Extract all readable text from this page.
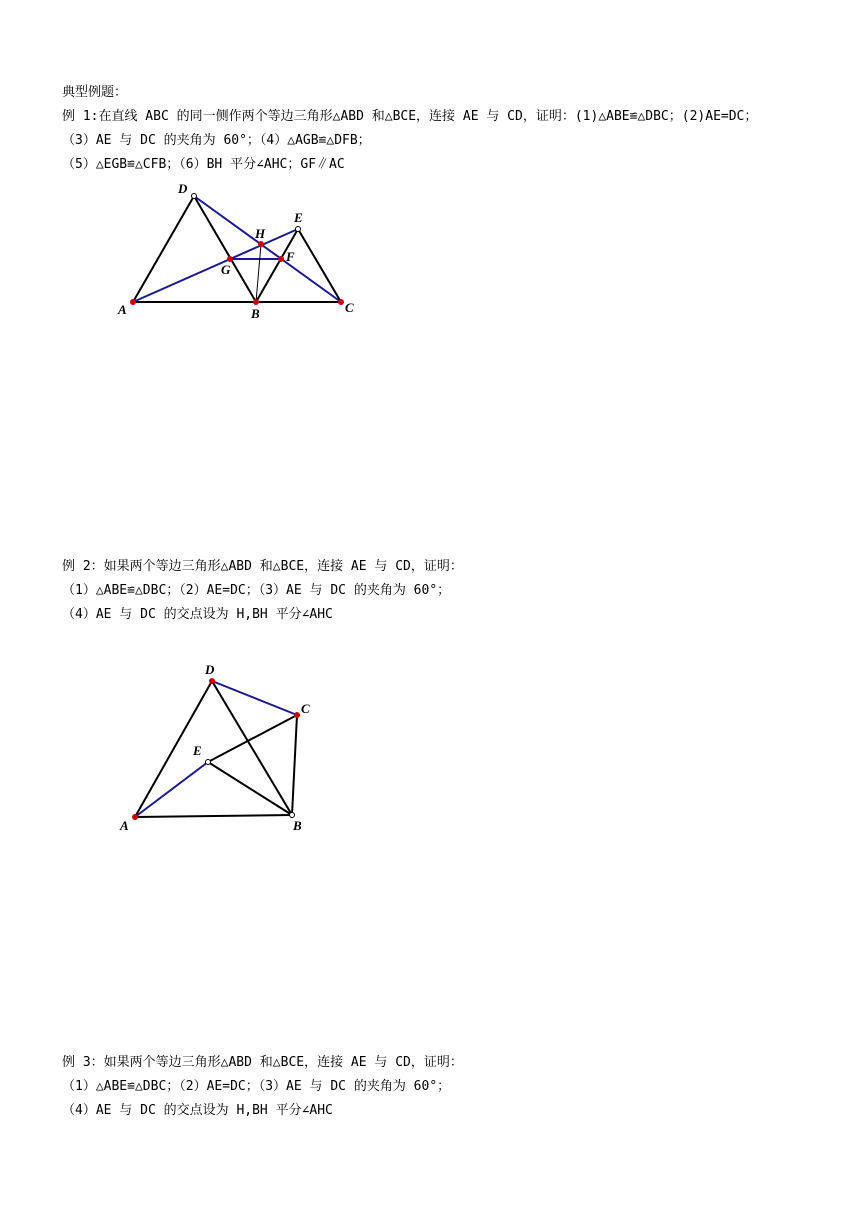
典型例题：
例 1:在直线 ABC 的同一侧作两个等边三角形△ABD 和△BCE，连接 AE 与 CD，证明：(1)△ABE≌△DBC；(2)AE=DC；
（3）AE 与 DC 的夹角为 60°；（4）△AGB≌△DFB；
（5）△EGB≌△CFB；（6）BH 平分∠AHC；GF∥AC
D
E
H
G
F
A	B	C
例 2：如果两个等边三角形△ABD 和△BCE，连接 AE 与 CD，证明：
（1）△ABE≌△DBC；（2）AE=DC；（3）AE 与 DC 的夹角为 60°；
（4）AE 与 DC 的交点设为 H,BH 平分∠AHC
D
C
E
A	B
例 3：如果两个等边三角形△ABD 和△BCE，连接 AE 与 CD，证明：
（1）△ABE≌△DBC；（2）AE=DC；（3）AE 与 DC 的夹角为 60°；
（4）AE 与 DC 的交点设为 H,BH 平分∠AHC
